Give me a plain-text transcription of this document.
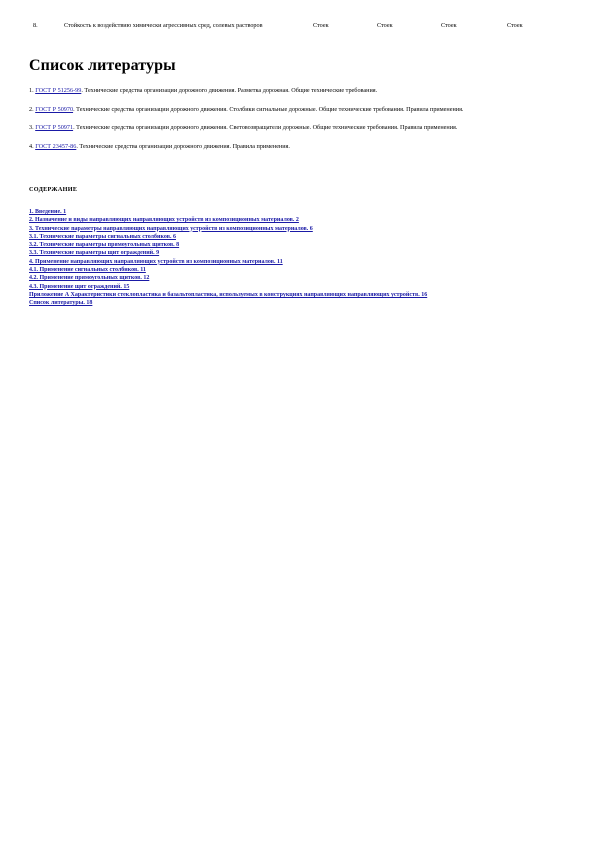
8.	Стойкость к воздействию химически агрессивных сред, солевых растворов	Стоек	Стоек	Стоек	Стоек
Список литературы

1. ГОСТ Р 51256-99. Технические средства организации дорожного движения. Разметка дорожная. Общие технические требования.

2. ГОСТ Р 50970. Технические средства организации дорожного движения. Столбики сигнальные дорожные. Общие технические требования. Правила применения.

3. ГОСТ Р 50971. Технические средства организации дорожного движения. Световозвращатели дорожные. Общие технические требования. Правила применения.

4. ГОСТ 23457-86. Технические средства организации дорожного движения. Правила применения.

СОДЕРЖАНИЕ

1. Введение. 1
2. Назначение и виды направляющих направляющих устройств из композиционных материалов. 2
3. Технические параметры направляющих направляющих устройств из композиционных материалов. 6
3.1. Технические параметры сигнальных столбиков. 6
3.2. Технические параметры прямоугольных щитков. 8
3.3. Технические параметры щит ограждений. 9
4. Применение направляющих направляющих устройств из композиционных материалов. 11
4.1. Применение сигнальных столбиков. 11
4.2. Применение прямоугольных щитков. 12
4.3. Применение щит ограждений. 15
Приложение А Характеристики стеклопластика и базальтопластика, используемых в конструкциях направляющих направляющих устройств. 16
Список литературы. 18
